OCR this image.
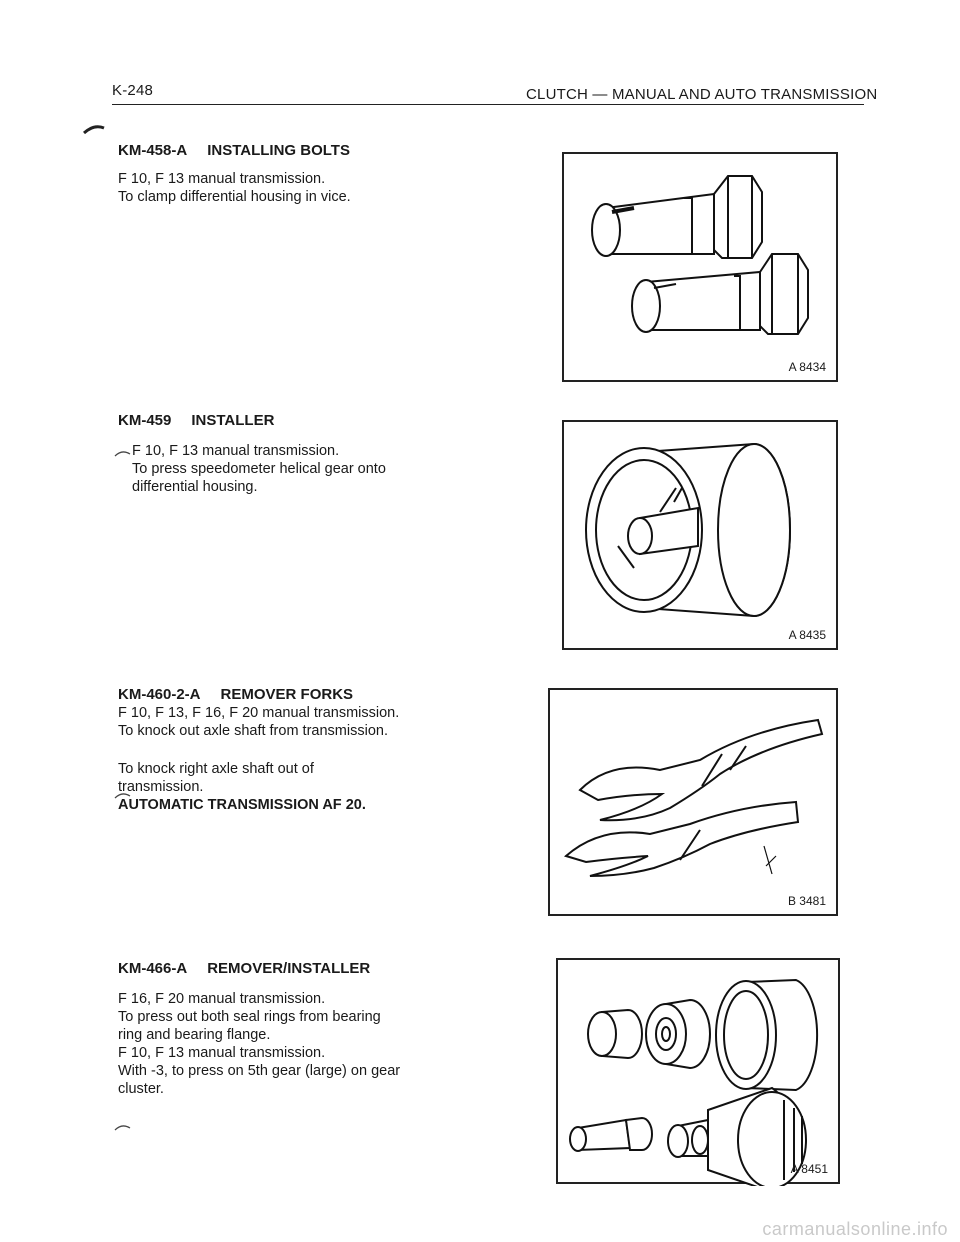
K-248	CLUTCH — MANUAL AND AUTO TRANSMISSION
KM-458-A INSTALLING BOLTS
F 10, F 13 manual transmission.
To clamp differential housing in vice.
A 8434
KM-459 INSTALLER
F 10, F 13 manual transmission.
To press speedometer helical gear onto
differential housing.
A 8435
KM-460-2-A REMOVER FORKS
F 10, F 13, F 16, F 20 manual transmission.
To knock out axle shaft from transmission.
To knock right axle shaft out of
transmission.
AUTOMATIC TRANSMISSION AF 20.
B 3481
KM-466-A REMOVER/INSTALLER
F 16, F 20 manual transmission.
To press out both seal rings from bearing
ring and bearing flange.
F 10, F 13 manual transmission.
With -3, to press on 5th gear (large) on gear
cluster.
A 8451
carmanualsonline.info
